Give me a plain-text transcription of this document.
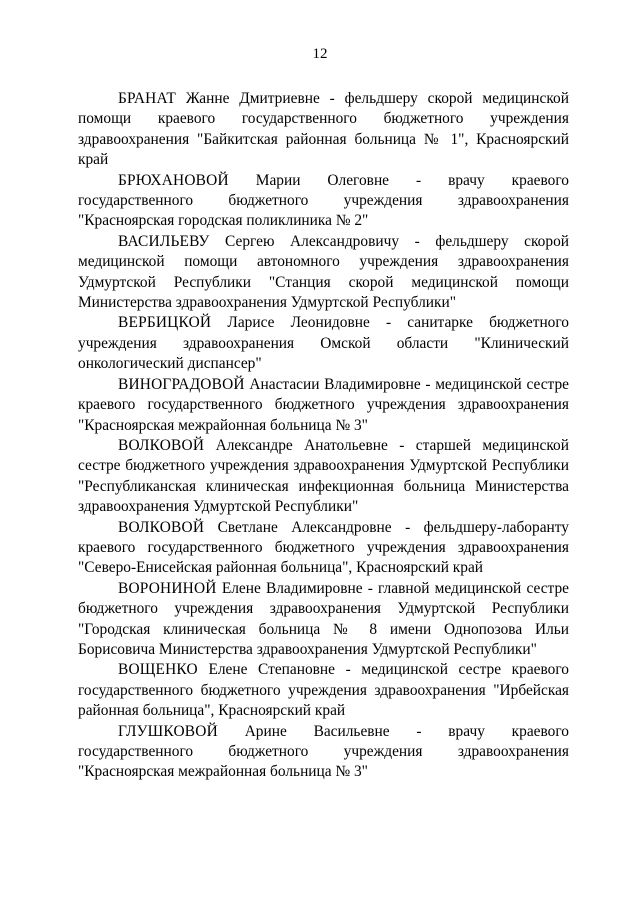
12

БРАНАТ Жанне Дмитриевне - фельдшеру скорой медицинской помощи краевого государственного бюджетного учреждения здравоохранения "Байкитская районная больница № 1", Красноярский край

БРЮХАНОВОЙ Марии Олеговне - врачу краевого государственного бюджетного учреждения здравоохранения "Красноярская городская поликлиника № 2"

ВАСИЛЬЕВУ Сергею Александровичу - фельдшеру скорой медицинской помощи автономного учреждения здравоохранения Удмуртской Республики "Станция скорой медицинской помощи Министерства здравоохранения Удмуртской Республики"

ВЕРБИЦКОЙ Ларисе Леонидовне - санитарке бюджетного учреждения здравоохранения Омской области "Клинический онкологический диспансер"

ВИНОГРАДОВОЙ Анастасии Владимировне - медицинской сестре краевого государственного бюджетного учреждения здравоохранения "Красноярская межрайонная больница № 3"

ВОЛКОВОЙ Александре Анатольевне - старшей медицинской сестре бюджетного учреждения здравоохранения Удмуртской Республики "Республиканская клиническая инфекционная больница Министерства здравоохранения Удмуртской Республики"

ВОЛКОВОЙ Светлане Александровне - фельдшеру-лаборанту краевого государственного бюджетного учреждения здравоохранения "Северо-Енисейская районная больница", Красноярский край

ВОРОНИНОЙ Елене Владимировне - главной медицинской сестре бюджетного учреждения здравоохранения Удмуртской Республики "Городская клиническая больница № 8 имени Однопозова Ильи Борисовича Министерства здравоохранения Удмуртской Республики"

ВОЩЕНКО Елене Степановне - медицинской сестре краевого государственного бюджетного учреждения здравоохранения "Ирбейская районная больница", Красноярский край

ГЛУШКОВОЙ Арине Васильевне - врачу краевого государственного бюджетного учреждения здравоохранения "Красноярская межрайонная больница № 3"
